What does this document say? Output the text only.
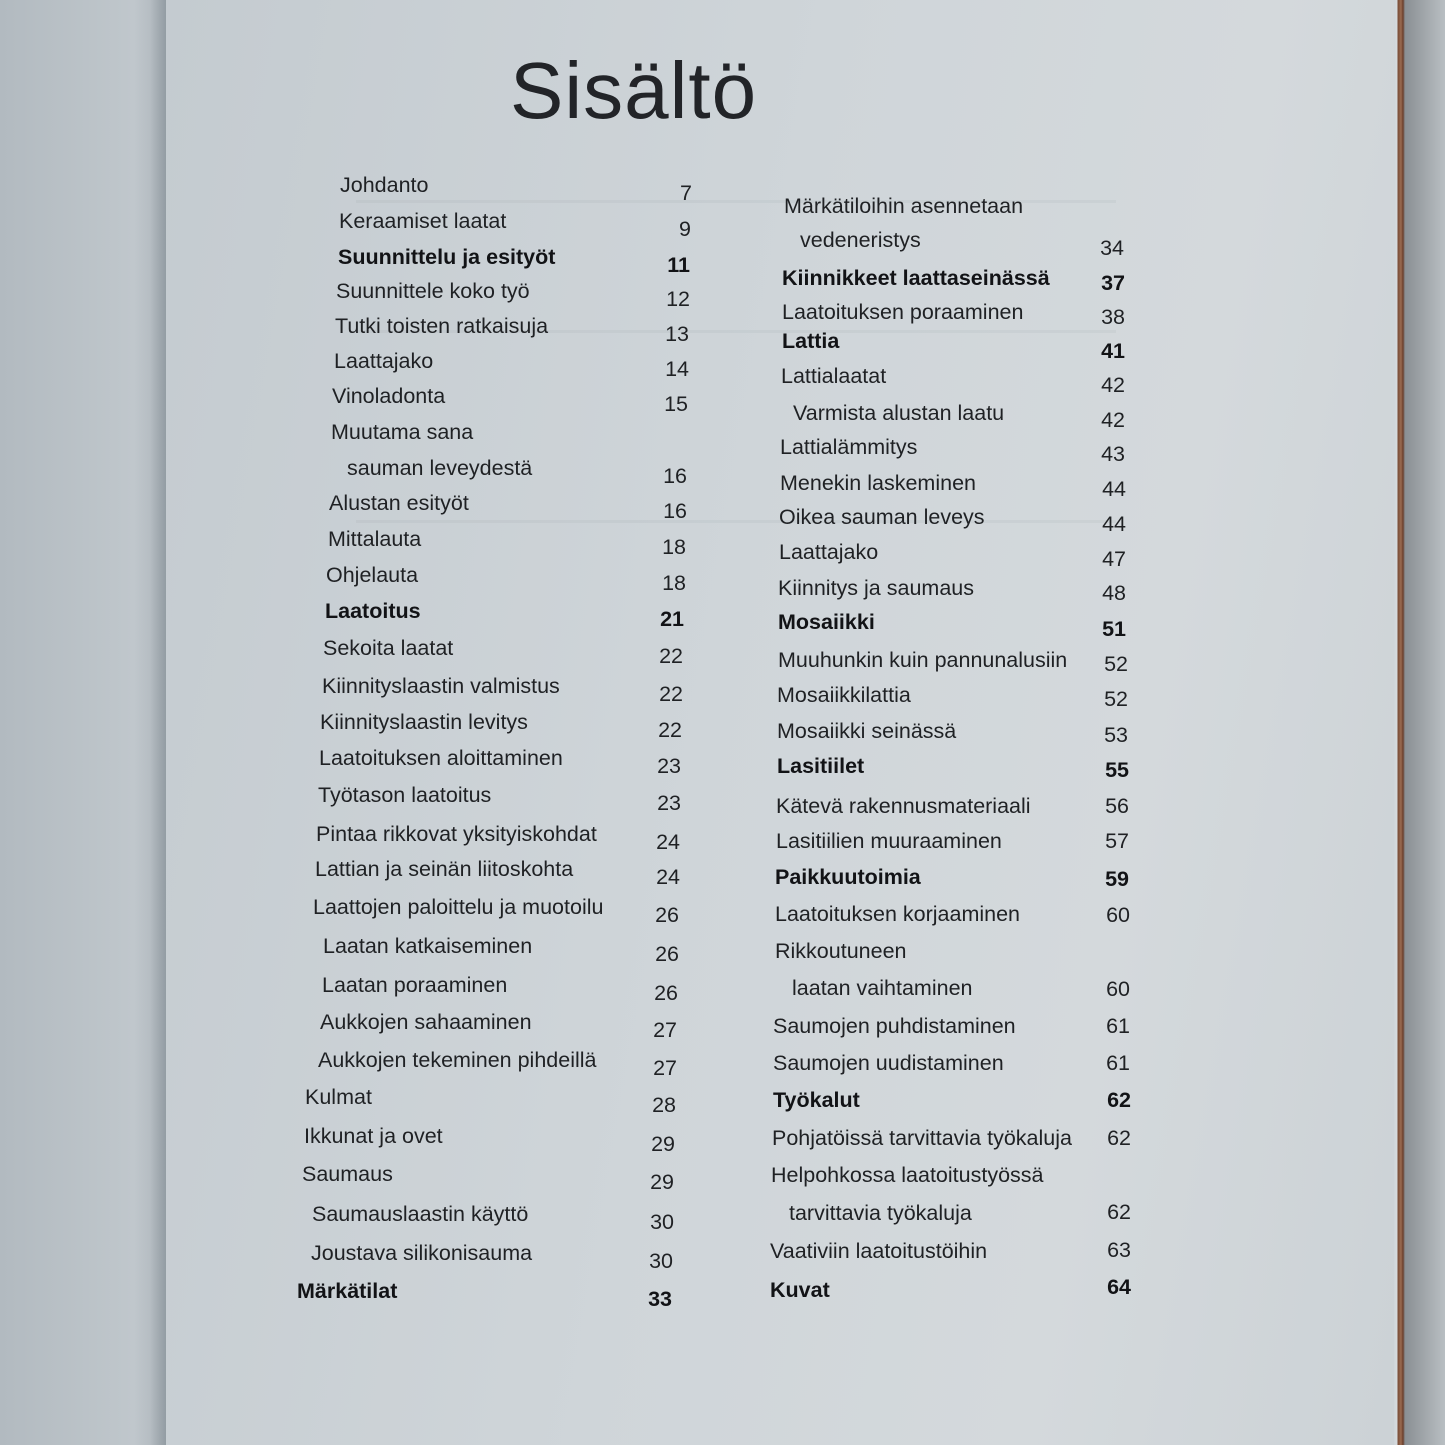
Sisältö
Johdanto	7
Keraamiset laatat	9
Suunnittelu ja esityöt	11
Suunnittele koko työ	12
Tutki toisten ratkaisuja	13
Laattajako	14
Vinoladonta	15
Muutama sana
sauman leveydestä	16
Alustan esityöt	16
Mittalauta	18
Ohjelauta	18
Laatoitus	21
Sekoita laatat	22
Kiinnityslaastin valmistus	22
Kiinnityslaastin levitys	22
Laatoituksen aloittaminen	23
Työtason laatoitus	23
Pintaa rikkovat yksityiskohdat	24
Lattian ja seinän liitoskohta	24
Laattojen paloittelu ja muotoilu	26
Laatan katkaiseminen	26
Laatan poraaminen	26
Aukkojen sahaaminen	27
Aukkojen tekeminen pihdeillä	27
Kulmat	28
Ikkunat ja ovet	29
Saumaus	29
Saumauslaastin käyttö	30
Joustava silikonisauma	30
Märkätilat	33
Märkätiloihin asennetaan
vedeneristys	34
Kiinnikkeet laattaseinässä	37
Laatoituksen poraaminen	38
Lattia	41
Lattialaatat	42
Varmista alustan laatu	42
Lattialämmitys	43
Menekin laskeminen	44
Oikea sauman leveys	44
Laattajako	47
Kiinnitys ja saumaus	48
Mosaiikki	51
Muuhunkin kuin pannunalusiin	52
Mosaiikkilattia	52
Mosaiikki seinässä	53
Lasitiilet	55
Kätevä rakennusmateriaali	56
Lasitiilien muuraaminen	57
Paikkuutoimia	59
Laatoituksen korjaaminen	60
Rikkoutuneen
laatan vaihtaminen	60
Saumojen puhdistaminen	61
Saumojen uudistaminen	61
Työkalut	62
Pohjatöissä tarvittavia työkaluja	62
Helpohkossa laatoitustyössä
tarvittavia työkaluja	62
Vaativiin laatoitustöihin	63
Kuvat	64
